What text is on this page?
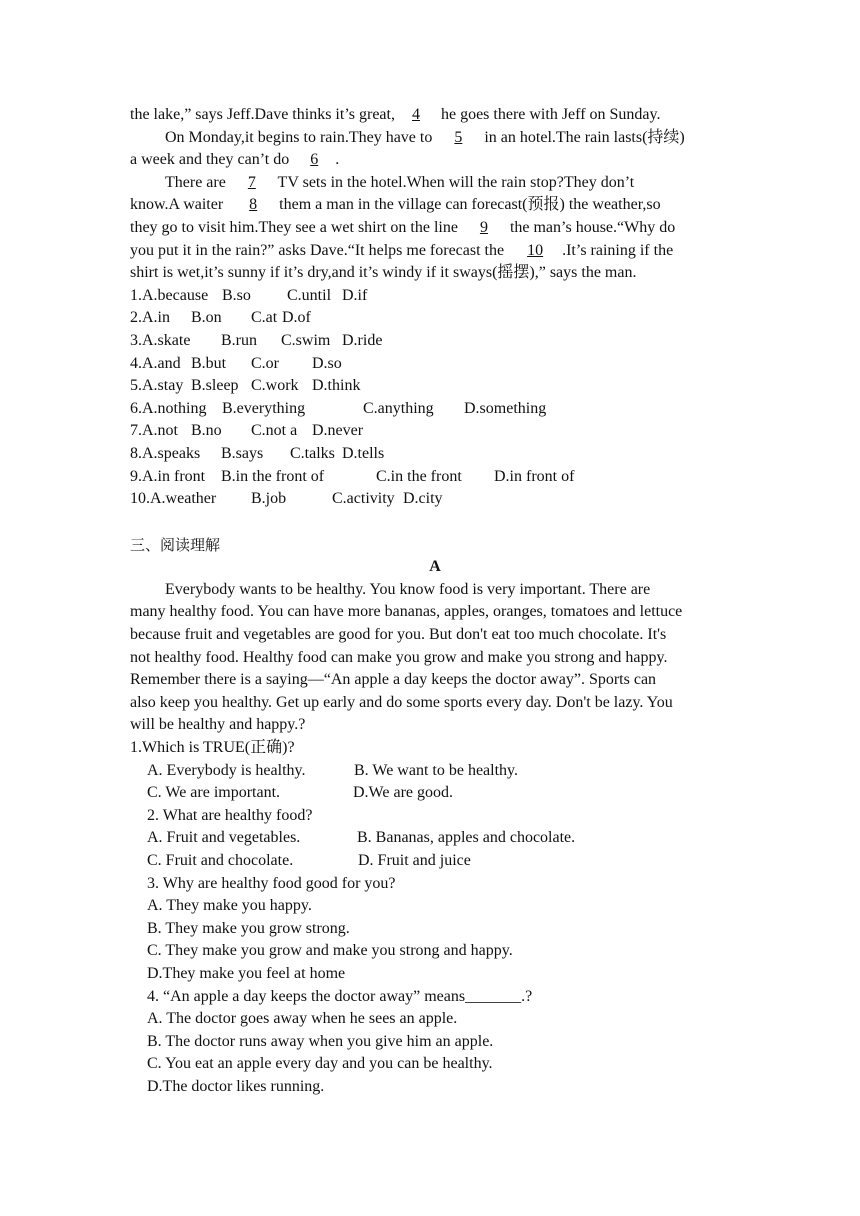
the lake,” says Jeff.Dave thinks it’s great, 4 he goes there with Jeff on Sunday.
On Monday,it begins to rain.They have to 5 in an hotel.The rain lasts(持续)
a week and they can’t do 6 .
There are 7 TV sets in the hotel.When will the rain stop?They don’t
know.A waiter 8 them a man in the village can forecast(预报) the weather,so
they go to visit him.They see a wet shirt on the line 9 the man’s house.“Why do
you put it in the rain?” asks Dave.“It helps me forecast the 10 .It’s raining if the
shirt is wet,it’s sunny if it’s dry,and it’s windy if it sways(摇摆),” says the man.
1.A.because B.so C.until D.if
2.A.in B.on C.at D.of
3.A.skate B.run C.swim D.ride
4.A.and B.but C.or D.so
5.A.stay B.sleep C.work D.think
6.A.nothing B.everything	C.anything D.something
7.A.not B.no C.not a D.never
8.A.speaks B.says C.talks D.tells
9.A.in front B.in the front of	C.in the front D.in front of
10.A.weather B.job	C.activity D.city
三、阅读理解
A
Everybody wants to be healthy. You know food is very important. There are
many healthy food. You can have more bananas, apples, oranges, tomatoes and lettuce
because fruit and vegetables are good for you. But don't eat too much chocolate. It's
not healthy food. Healthy food can make you grow and make you strong and happy.
Remember there is a saying—“An apple a day keeps the doctor away”. Sports can
also keep you healthy. Get up early and do some sports every day. Don't be lazy. You
will be healthy and happy.?
1.Which is TRUE(正确)?
A. Everybody is healthy.	B. We want to be healthy.
C. We are important.	D.We are good.
2. What are healthy food?
A. Fruit and vegetables.	B. Bananas, apples and chocolate.
C. Fruit and chocolate.	D. Fruit and juice
3. Why are healthy food good for you?
A. They make you happy.
B. They make you grow strong.
C. They make you grow and make you strong and happy.
D.They make you feel at home
4. “An apple a day keeps the doctor away” means_______.?
A. The doctor goes away when he sees an apple.
B. The doctor runs away when you give him an apple.
C. You eat an apple every day and you can be healthy.
D.The doctor likes running.
